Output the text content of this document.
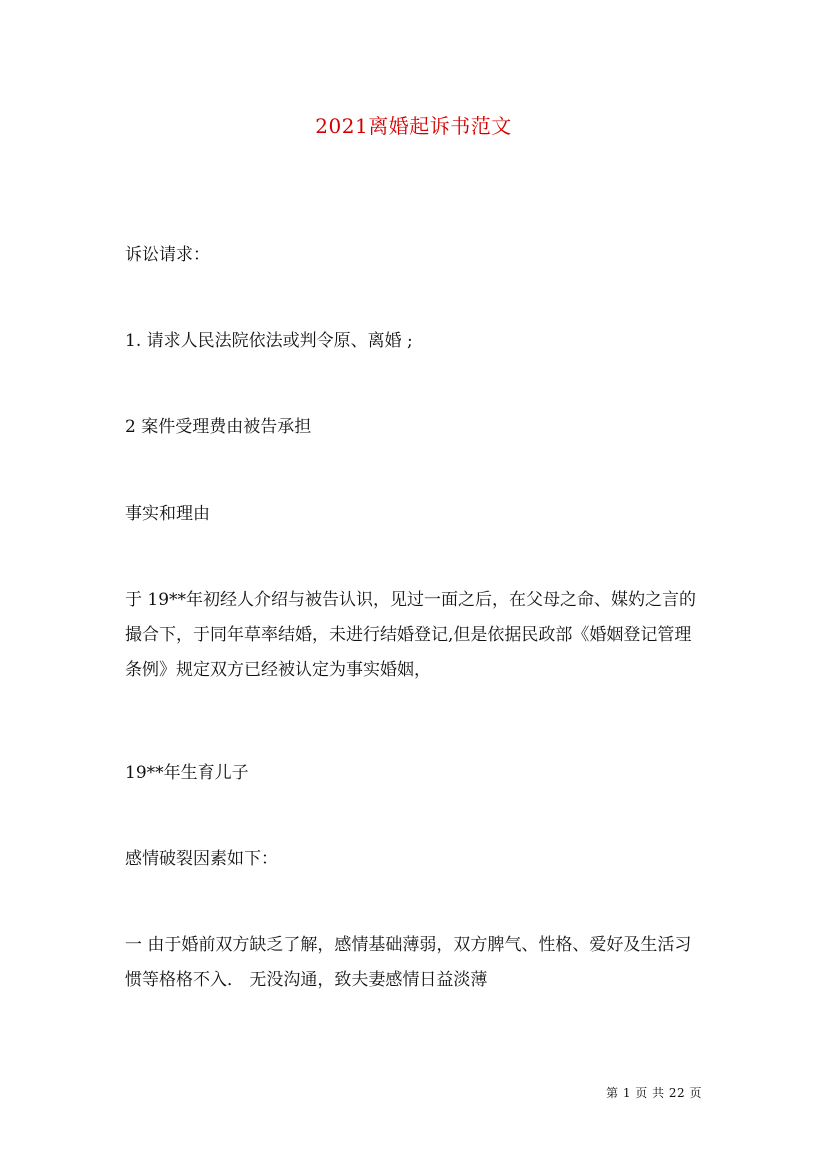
2021离婚起诉书范文

诉讼请求：

1. 请求人民法院依法或判令原、离婚 ;

2 案件受理费由被告承担

事实和理由

于 19**年初经人介绍与被告认识，见过一面之后，在父母之命、媒妁之言的撮合下，于同年草率结婚，未进行结婚登记,但是依据民政部《婚姻登记管理条例》规定双方已经被认定为事实婚姻，

19**年生育儿子

感情破裂因素如下：

一 由于婚前双方缺乏了解，感情基础薄弱，双方脾气、性格、爱好及生活习惯等格格不入． 无没沟通，致夫妻感情日益淡薄

第 1 页 共 22 页
